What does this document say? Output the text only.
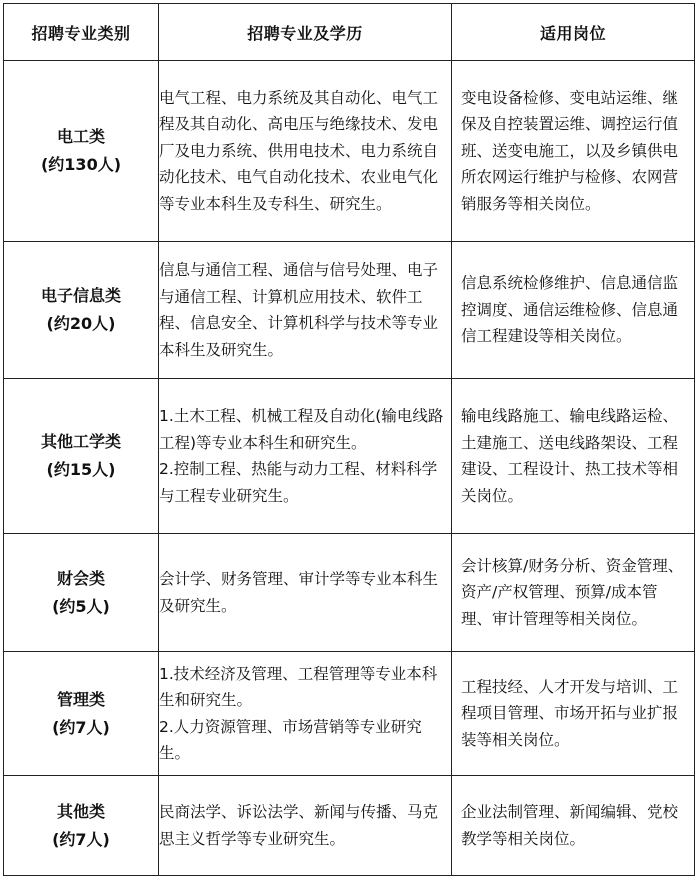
招聘专业类别	招聘专业及学历	适用岗位

电工类
(约130人)	电气工程、电力系统及其自动化、电气工程及其自动化、高电压与绝缘技术、发电厂及电力系统、供用电技术、电力系统自动化技术、电气自动化技术、农业电气化等专业本科生及专科生、研究生。	变电设备检修、变电站运维、继保及自控装置运维、调控运行值班、送变电施工，以及乡镇供电所农网运行维护与检修、农网营销服务等相关岗位。

电子信息类
(约20人)	信息与通信工程、通信与信号处理、电子与通信工程、计算机应用技术、软件工程、信息安全、计算机科学与技术等专业本科生及研究生。	信息系统检修维护、信息通信监控调度、通信运维检修、信息通信工程建设等相关岗位。

其他工学类
(约15人)	1.土木工程、机械工程及自动化(输电线路工程)等专业本科生和研究生。
2.控制工程、热能与动力工程、材料科学与工程专业研究生。	输电线路施工、输电线路运检、土建施工、送电线路架设、工程建设、工程设计、热工技术等相关岗位。

财会类
(约5人)	会计学、财务管理、审计学等专业本科生及研究生。	会计核算/财务分析、资金管理、资产/产权管理、预算/成本管理、审计管理等相关岗位。

管理类
(约7人)	1.技术经济及管理、工程管理等专业本科生和研究生。
2.人力资源管理、市场营销等专业研究生。	工程技经、人才开发与培训、工程项目管理、市场开拓与业扩报装等相关岗位。

其他类
(约7人)	民商法学、诉讼法学、新闻与传播、马克思主义哲学等专业研究生。	企业法制管理、新闻编辑、党校教学等相关岗位。
